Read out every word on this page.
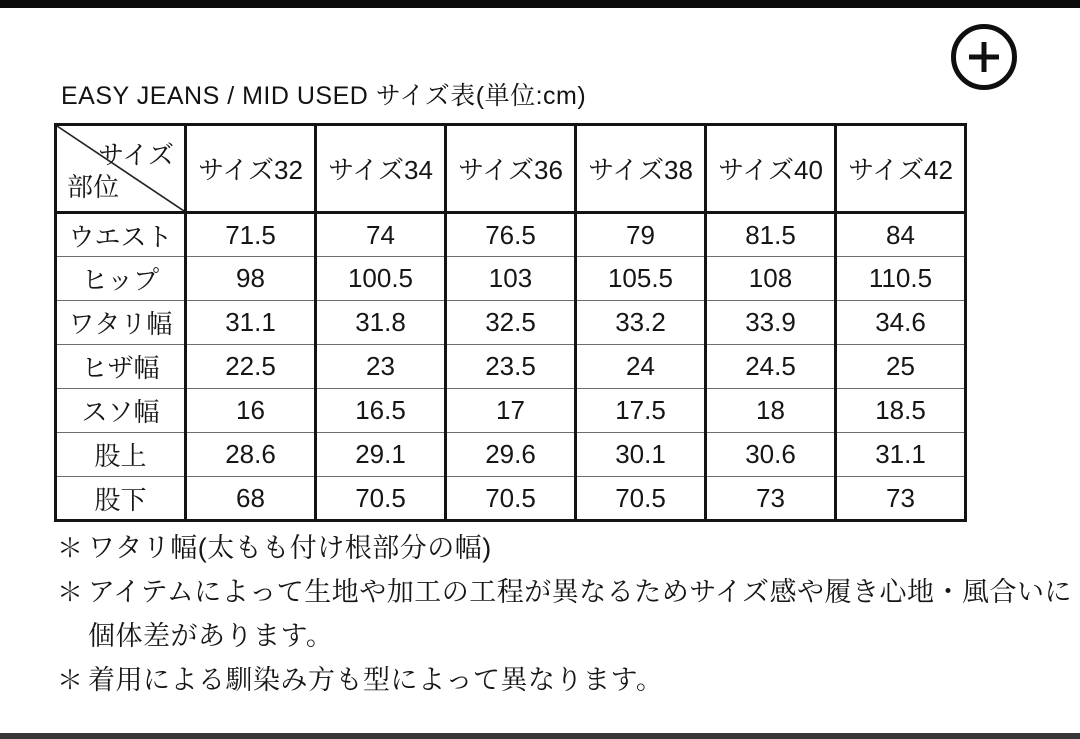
EASY JEANS / MID USED サイズ表(単位:cm)
サイズ
部位	サイズ32	サイズ34	サイズ36	サイズ38	サイズ40	サイズ42
ウエスト	71.5	74	76.5	79	81.5	84
ヒップ	98	100.5	103	105.5	108	110.5
ワタリ幅	31.1	31.8	32.5	33.2	33.9	34.6
ヒザ幅	22.5	23	23.5	24	24.5	25
スソ幅	16	16.5	17	17.5	18	18.5
股上	28.6	29.1	29.6	30.1	30.6	31.1
股下	68	70.5	70.5	70.5	73	73
＊ ワタリ幅(太もも付け根部分の幅)
＊ アイテムによって生地や加工の工程が異なるためサイズ感や履き心地・風合いに
個体差があります。
＊ 着用による馴染み方も型によって異なります。
